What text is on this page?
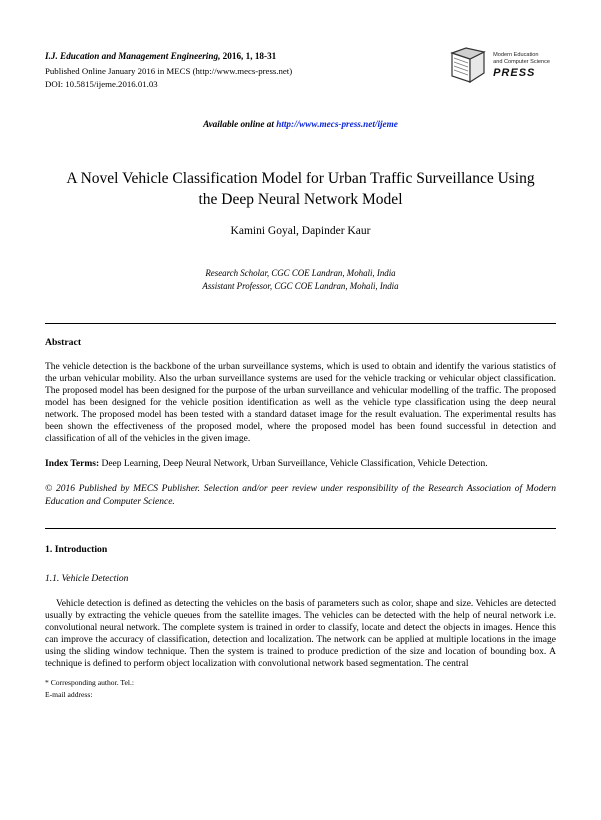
I.J. Education and Management Engineering, 2016, 1, 18-31
Published Online January 2016 in MECS (http://www.mecs-press.net)
DOI: 10.5815/ijeme.2016.01.03
Modern Education
and Computer Science
PRESS
Available online at http://www.mecs-press.net/ijeme
A Novel Vehicle Classification Model for Urban Traffic Surveillance Using the Deep Neural Network Model
Kamini Goyal, Dapinder Kaur
Research Scholar, CGC COE Landran, Mohali, India
Assistant Professor, CGC COE Landran, Mohali, India
Abstract

The vehicle detection is the backbone of the urban surveillance systems, which is used to obtain and identify the various statistics of the urban vehicular mobility. Also the urban surveillance systems are used for the vehicle tracking or vehicular object classification. The proposed model has been designed for the purpose of the urban surveillance and vehicular modelling of the traffic. The proposed model has been designed for the vehicle position identification as well as the vehicle type classification using the deep neural network. The proposed model has been tested with a standard dataset image for the result evaluation. The experimental results has been shown the effectiveness of the proposed model, where the proposed model has been found successful in detection and classification of all of the vehicles in the given image.

Index Terms: Deep Learning, Deep Neural Network, Urban Surveillance, Vehicle Classification, Vehicle Detection.

© 2016 Published by MECS Publisher. Selection and/or peer review under responsibility of the Research Association of Modern Education and Computer Science.

1. Introduction
1.1. Vehicle Detection

Vehicle detection is defined as detecting the vehicles on the basis of parameters such as color, shape and size. Vehicles are detected usually by extracting the vehicle queues from the satellite images. The vehicles can be detected with the help of neural network i.e. convolutional neural network. The complete system is trained in order to classify, locate and detect the objects in images. Hence this can improve the accuracy of classification, detection and localization. The network can be applied at multiple locations in the image using the sliding window technique. Then the system is trained to produce prediction of the size and location of bounding box. A technique is defined to perform object localization with convolutional network based segmentation. The central

* Corresponding author. Tel.:
E-mail address:
